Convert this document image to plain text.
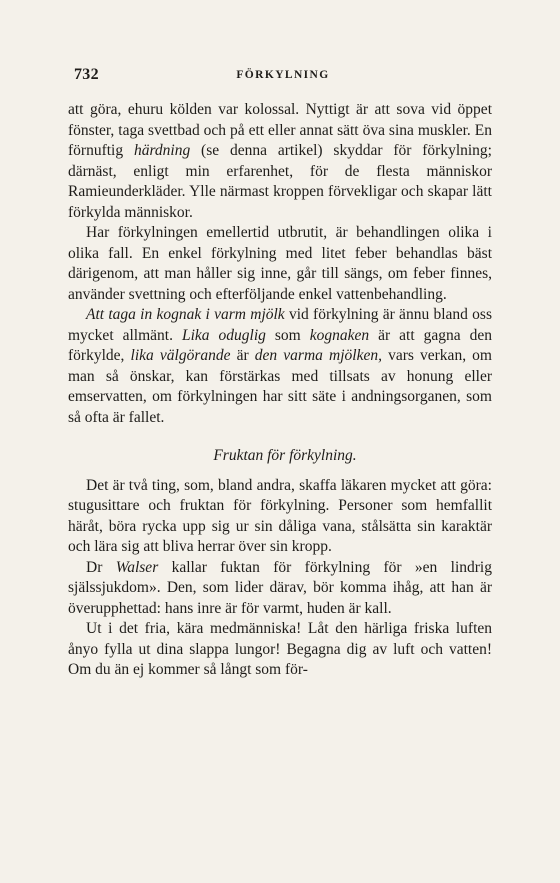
732	FÖRKYLNING

att göra, ehuru kölden var kolossal. Nyttigt är att sova vid öppet fönster, taga svettbad och på ett eller annat sätt öva sina muskler. En förnuftig härdning (se denna artikel) skyddar för förkylning; därnäst, enligt min erfarenhet, för de flesta människor Ramieunderkläder. Ylle närmast kroppen förvekligar och skapar lätt förkylda människor.

Har förkylningen emellertid utbrutit, är behandlingen olika i olika fall. En enkel förkylning med litet feber behandlas bäst därigenom, att man håller sig inne, går till sängs, om feber finnes, använder svettning och efterföljande enkel vattenbehandling.

Att taga in kognak i varm mjölk vid förkylning är ännu bland oss mycket allmänt. Lika oduglig som kognaken är att gagna den förkylde, lika välgörande är den varma mjölken, vars verkan, om man så önskar, kan förstärkas med tillsats av honung eller emservatten, om förkylningen har sitt säte i andningsorganen, som så ofta är fallet.

Fruktan för förkylning.

Det är två ting, som, bland andra, skaffa läkaren mycket att göra: stugusittare och fruktan för förkylning. Personer som hemfallit häråt, böra rycka upp sig ur sin dåliga vana, stålsätta sin karaktär och lära sig att bliva herrar över sin kropp.

Dr Walser kallar fuktan för förkylning för »en lindrig själssjukdom». Den, som lider därav, bör komma ihåg, att han är överupphettad: hans inre är för varmt, huden är kall.

Ut i det fria, kära medmänniska! Låt den härliga friska luften ånyo fylla ut dina slappa lungor! Begagna dig av luft och vatten! Om du än ej kommer så långt som för-
